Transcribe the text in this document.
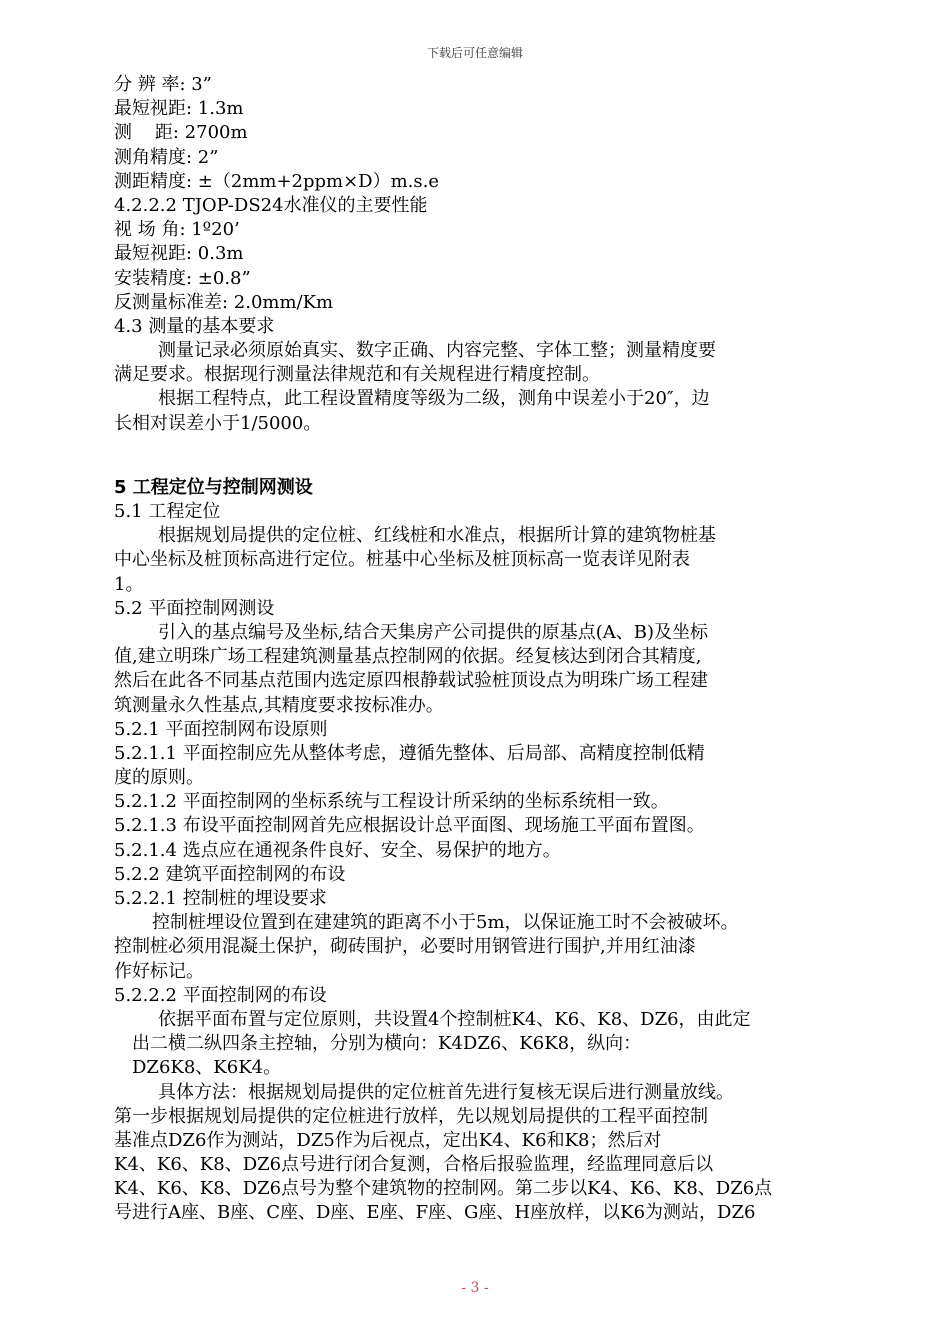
下载后可任意编辑
分 辨 率: 3”
最短视距: 1.3m
测    距: 2700m
测角精度: 2”
测距精度: ±（2mm+2ppm×D）m.s.e
4.2.2.2 TJOP-DS24水准仪的主要性能
视 场 角: 1º20’
最短视距: 0.3m
安装精度: ±0.8”
反测量标准差: 2.0mm/Km
4.3 测量的基本要求
测量记录必须原始真实、数字正确、内容完整、字体工整；测量精度要
满足要求。根据现行测量法律规范和有关规程进行精度控制。
根据工程特点，此工程设置精度等级为二级，测角中误差小于20″，边
长相对误差小于1/5000。
5 工程定位与控制网测设
5.1 工程定位
根据规划局提供的定位桩、红线桩和水准点，根据所计算的建筑物桩基
中心坐标及桩顶标高进行定位。桩基中心坐标及桩顶标高一览表详见附表
1。
5.2 平面控制网测设
引入的基点编号及坐标,结合天集房产公司提供的原基点(A、B)及坐标
值,建立明珠广场工程建筑测量基点控制网的依据。经复核达到闭合其精度,
然后在此各不同基点范围内选定原四根静载试验桩顶设点为明珠广场工程建
筑测量永久性基点,其精度要求按标准办。
5.2.1 平面控制网布设原则
5.2.1.1 平面控制应先从整体考虑，遵循先整体、后局部、高精度控制低精
度的原则。
5.2.1.2 平面控制网的坐标系统与工程设计所采纳的坐标系统相一致。
5.2.1.3 布设平面控制网首先应根据设计总平面图、现场施工平面布置图。
5.2.1.4 选点应在通视条件良好、安全、易保护的地方。
5.2.2 建筑平面控制网的布设
5.2.2.1 控制桩的埋设要求
控制桩埋设位置到在建建筑的距离不小于5m，以保证施工时不会被破坏。
控制桩必须用混凝土保护，砌砖围护，必要时用钢管进行围护,并用红油漆
作好标记。
5.2.2.2 平面控制网的布设
依据平面布置与定位原则，共设置4个控制桩K4、K6、K8、DZ6，由此定
出二横二纵四条主控轴，分别为横向：K4DZ6、K6K8，纵向：
DZ6K8、K6K4。
具体方法：根据规划局提供的定位桩首先进行复核无误后进行测量放线。
第一步根据规划局提供的定位桩进行放样，先以规划局提供的工程平面控制
基准点DZ6作为测站，DZ5作为后视点，定出K4、K6和K8；然后对
K4、K6、K8、DZ6点号进行闭合复测，合格后报验监理，经监理同意后以
K4、K6、K8、DZ6点号为整个建筑物的控制网。第二步以K4、K6、K8、DZ6点
号进行A座、B座、C座、D座、E座、F座、G座、H座放样，以K6为测站，DZ6
- 3 -
